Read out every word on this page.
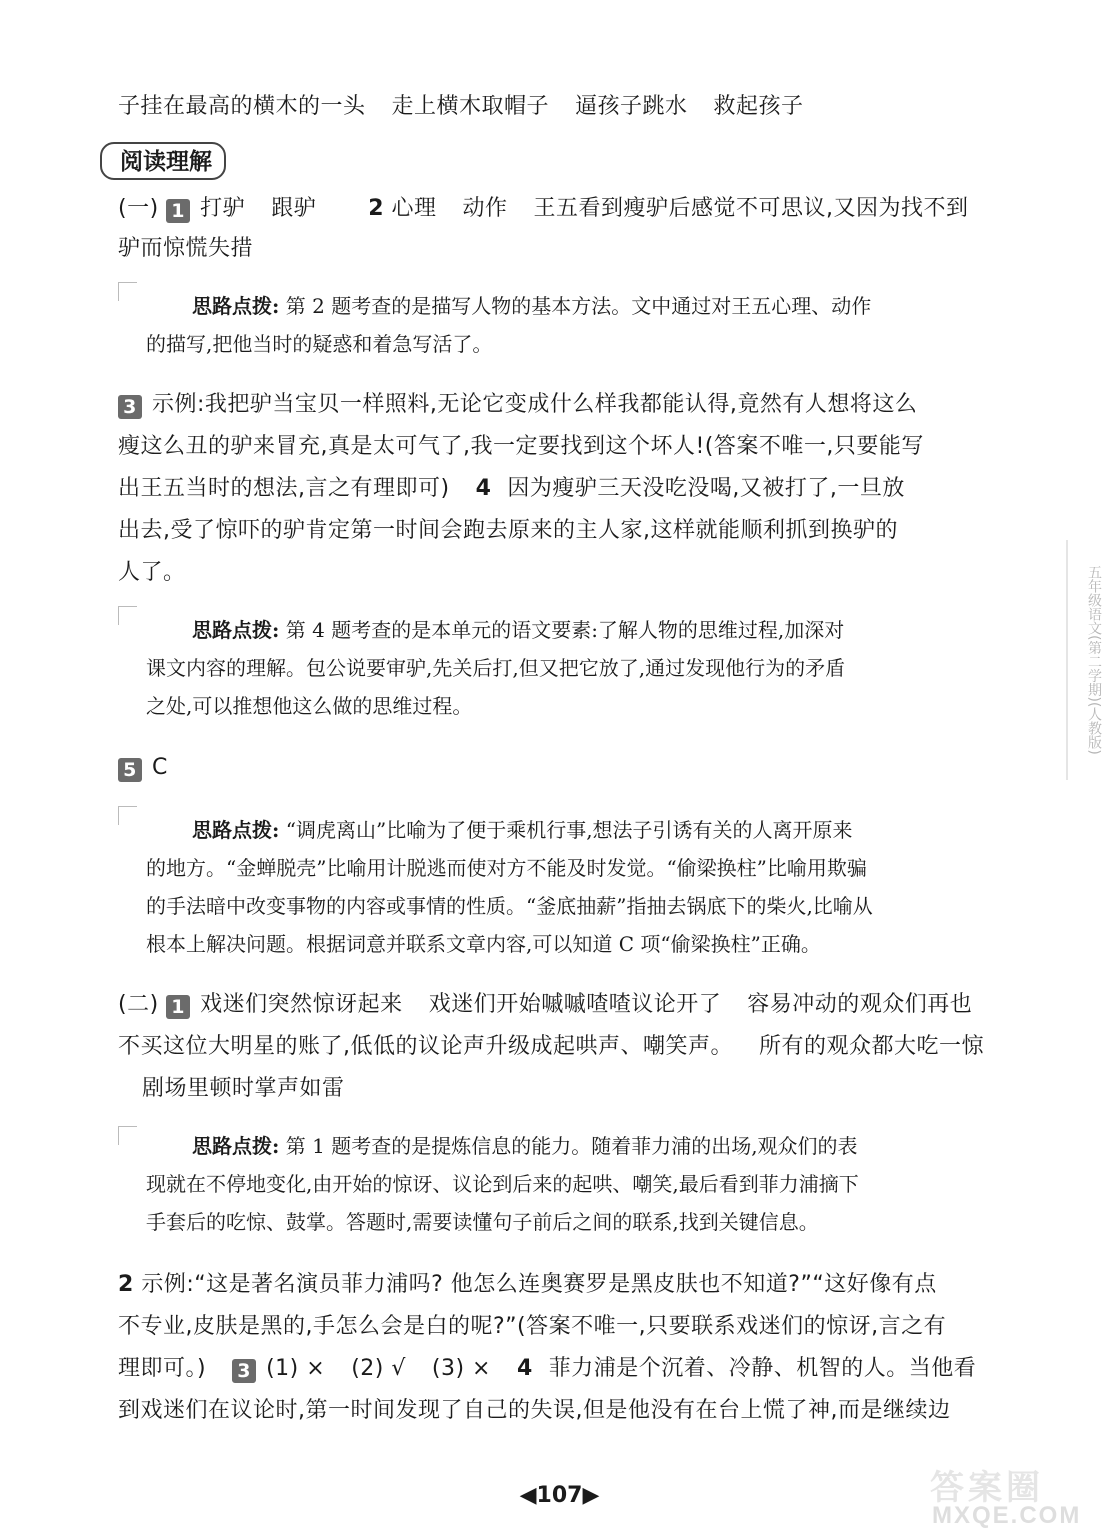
子挂在最高的横木的一头 走上横木取帽子 逼孩子跳水 救起孩子
阅读理解
(一) 1 打驴 跟驴 2 心理 动作 王五看到瘦驴后感觉不可思议,又因为找不到
驴而惊慌失措
思路点拨: 第 2 题考查的是描写人物的基本方法。文中通过对王五心理、动作
的描写,把他当时的疑惑和着急写活了。
3 示例:我把驴当宝贝一样照料,无论它变成什么样我都能认得,竟然有人想将这么
瘦这么丑的驴来冒充,真是太可气了,我一定要找到这个坏人!(答案不唯一,只要能写
出王五当时的想法,言之有理即可) 4 因为瘦驴三天没吃没喝,又被打了,一旦放
出去,受了惊吓的驴肯定第一时间会跑去原来的主人家,这样就能顺利抓到换驴的
人了。
思路点拨: 第 4 题考查的是本单元的语文要素:了解人物的思维过程,加深对
课文内容的理解。包公说要审驴,先关后打,但又把它放了,通过发现他行为的矛盾
之处,可以推想他这么做的思维过程。
5 C
思路点拨: “调虎离山”比喻为了便于乘机行事,想法子引诱有关的人离开原来
的地方。“金蝉脱壳”比喻用计脱逃而使对方不能及时发觉。“偷梁换柱”比喻用欺骗
的手法暗中改变事物的内容或事情的性质。“釜底抽薪”指抽去锅底下的柴火,比喻从
根本上解决问题。根据词意并联系文章内容,可以知道 C 项“偷梁换柱”正确。
(二) 1 戏迷们突然惊讶起来 戏迷们开始嘁嘁喳喳议论开了 容易冲动的观众们再也
不买这位大明星的账了,低低的议论声升级成起哄声、嘲笑声。 所有的观众都大吃一惊
剧场里顿时掌声如雷
思路点拨: 第 1 题考查的是提炼信息的能力。随着菲力浦的出场,观众们的表
现就在不停地变化,由开始的惊讶、议论到后来的起哄、嘲笑,最后看到菲力浦摘下
手套后的吃惊、鼓掌。答题时,需要读懂句子前后之间的联系,找到关键信息。
2 示例:“这是著名演员菲力浦吗? 他怎么连奥赛罗是黑皮肤也不知道?”“这好像有点
不专业,皮肤是黑的,手怎么会是白的呢?”(答案不唯一,只要联系戏迷们的惊讶,言之有
理即可。) 3 (1) × (2) √ (3) × 4 菲力浦是个沉着、冷静、机智的人。当他看
到戏迷们在议论时,第一时间发现了自己的失误,但是他没有在台上慌了神,而是继续边
五年级语文(第二学期)(人教版)
◀107▶	答案圈
MXQE.COM
